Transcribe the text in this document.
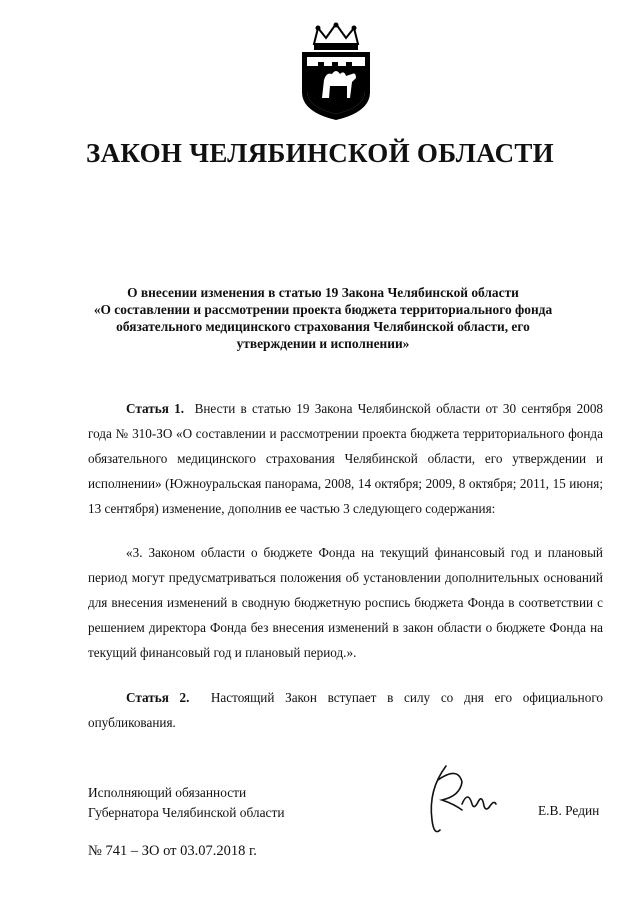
ЗАКОН ЧЕЛЯБИНСКОЙ ОБЛАСТИ
О внесении изменения в статью 19 Закона Челябинской области
«О составлении и рассмотрении проекта бюджета территориального фонда
обязательного медицинского страхования Челябинской области, его
утверждении и исполнении»
Статья 1. Внести в статью 19 Закона Челябинской области от 30 сентября 2008 года № 310-ЗО «О составлении и рассмотрении проекта бюджета территориального фонда обязательного медицинского страхования Челябинской области, его утверждении и исполнении» (Южноуральская панорама, 2008, 14 октября; 2009, 8 октября; 2011, 15 июня; 13 сентября) изменение, дополнив ее частью 3 следующего содержания:
«3. Законом области о бюджете Фонда на текущий финансовый год и плановый период могут предусматриваться положения об установлении дополнительных оснований для внесения изменений в сводную бюджетную роспись бюджета Фонда в соответствии с решением директора Фонда без внесения изменений в закон области о бюджете Фонда на текущий финансовый год и плановый период.».
Статья 2. Настоящий Закон вступает в силу со дня его официального опубликования.
Исполняющий обязанности
Губернатора Челябинской области	Е.В. Редин
№ 741 – ЗО от 03.07.2018 г.
